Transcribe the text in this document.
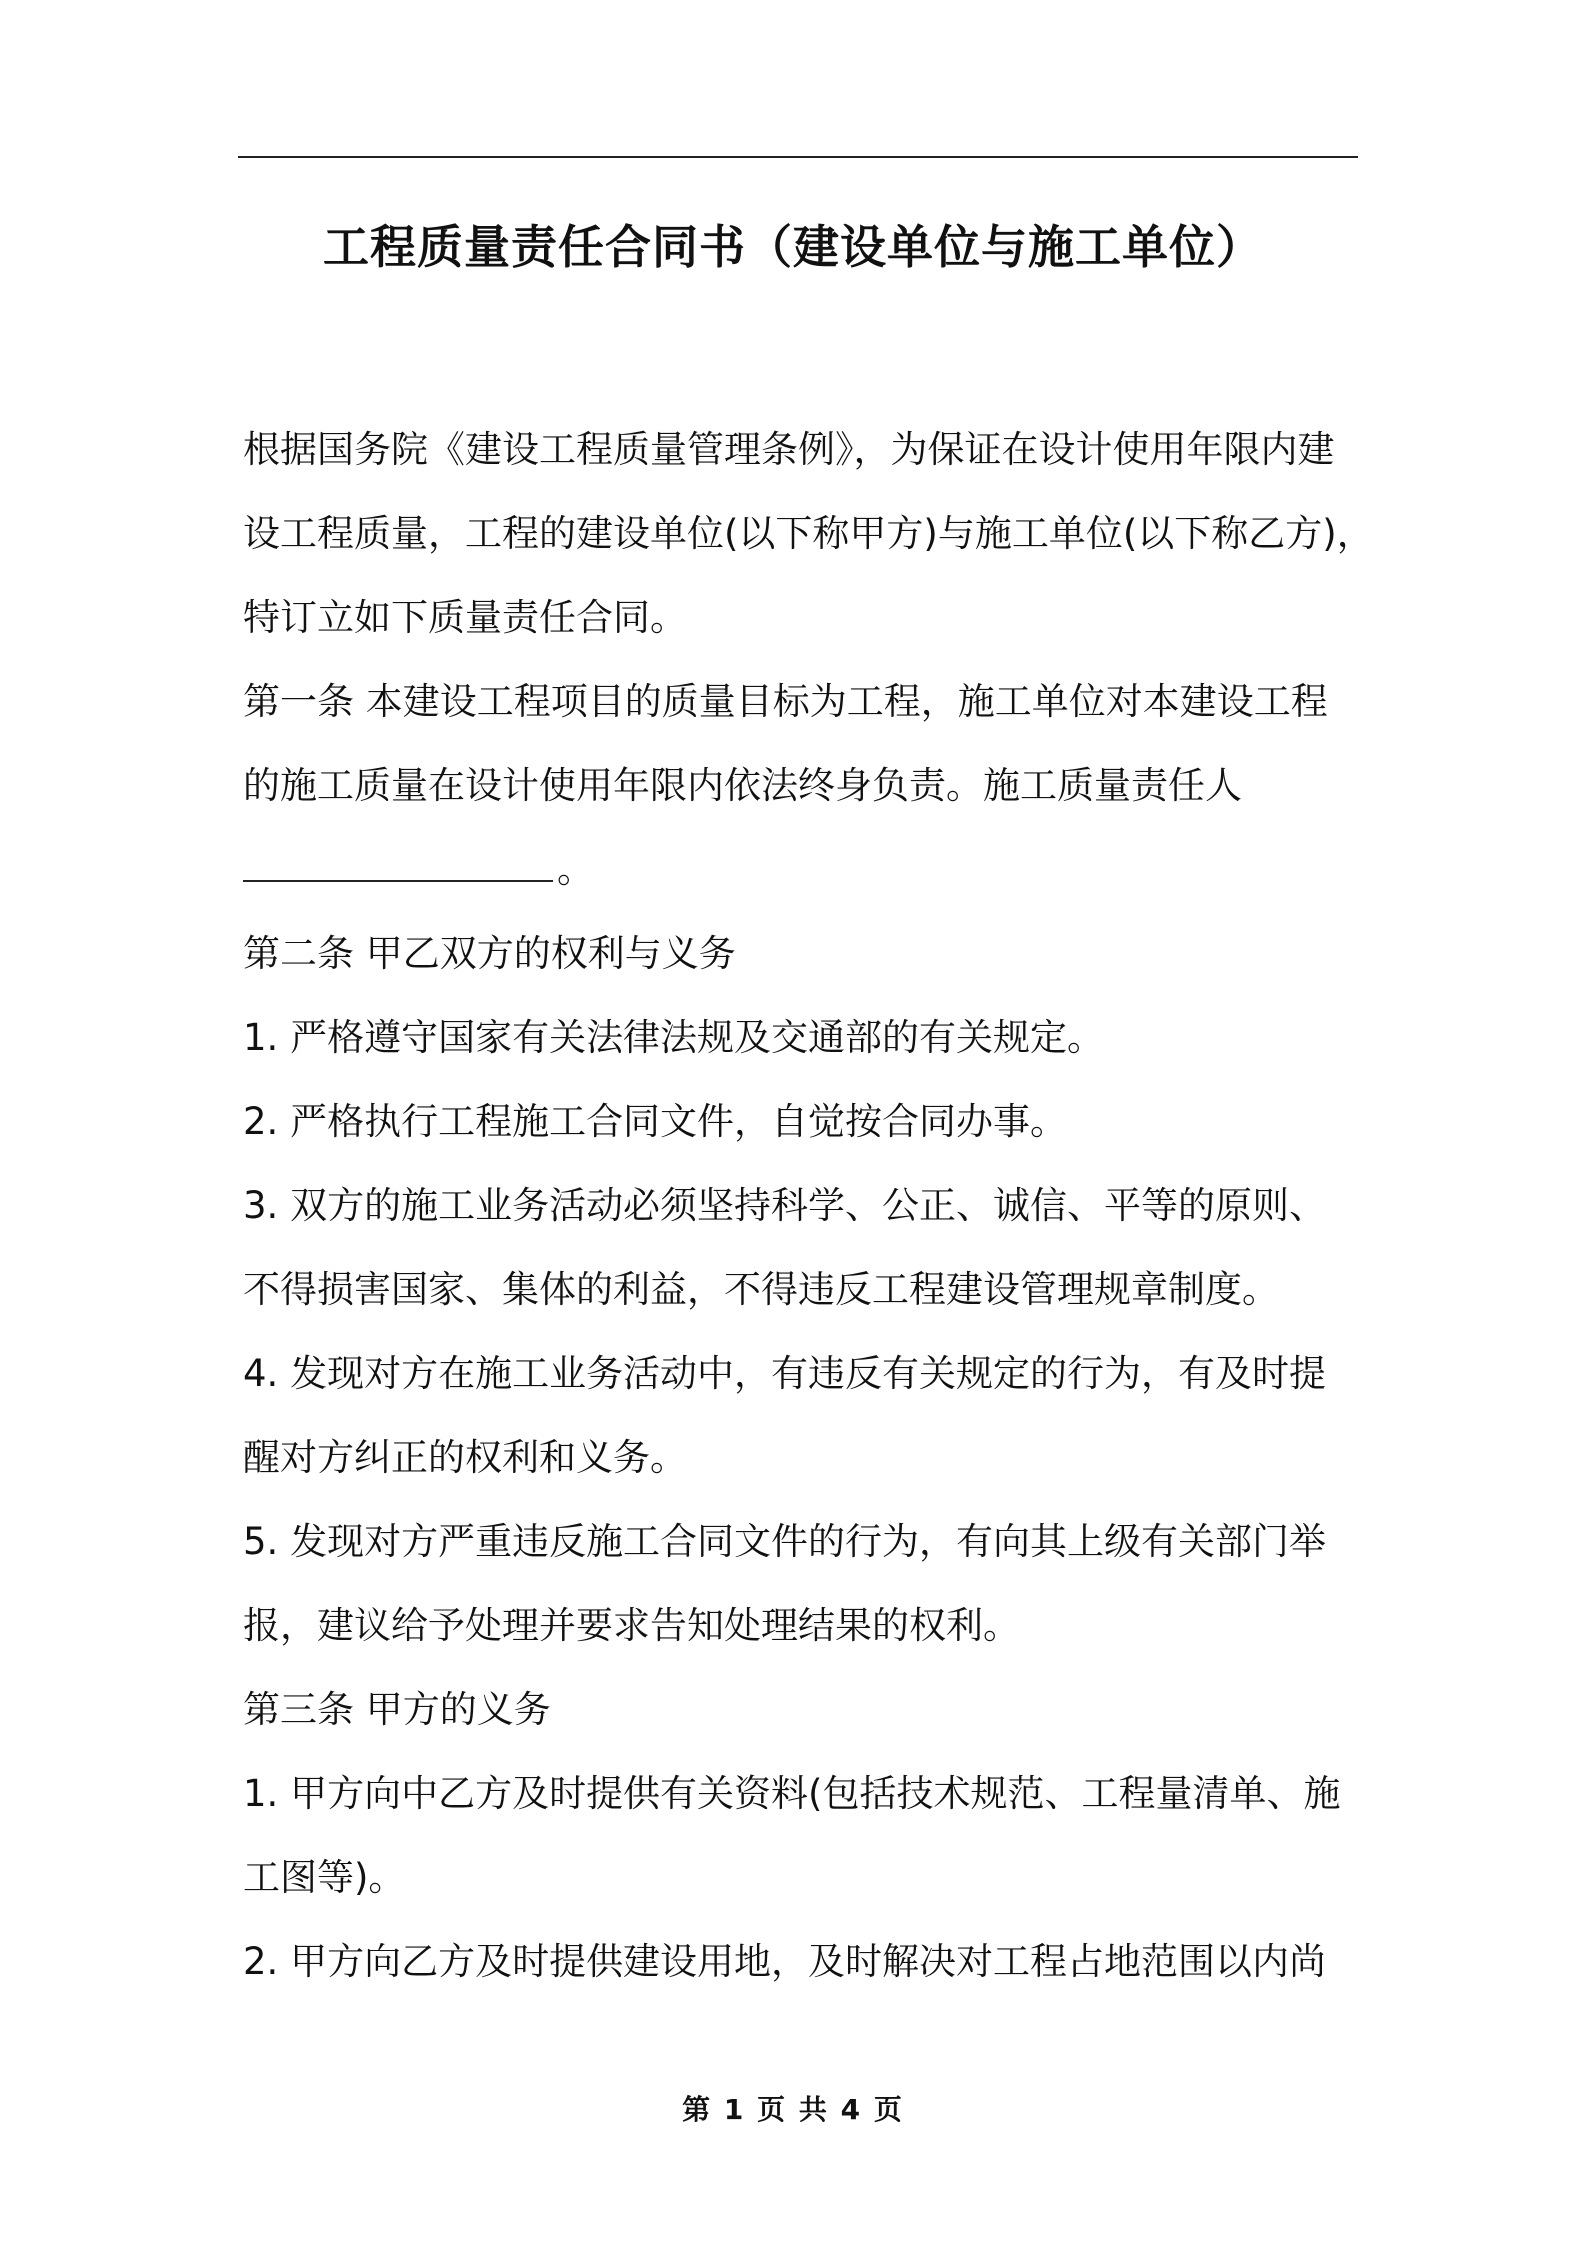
工程质量责任合同书（建设单位与施工单位）
根据国务院《建设工程质量管理条例》，为保证在设计使用年限内建
设工程质量，工程的建设单位(以下称甲方)与施工单位(以下称乙方)，
特订立如下质量责任合同。
第一条 本建设工程项目的质量目标为工程，施工单位对本建设工程
的施工质量在设计使用年限内依法终身负责。施工质量责任人
。
第二条 甲乙双方的权利与义务
1. 严格遵守国家有关法律法规及交通部的有关规定。
2. 严格执行工程施工合同文件，自觉按合同办事。
3. 双方的施工业务活动必须坚持科学、公正、诚信、平等的原则、
不得损害国家、集体的利益，不得违反工程建设管理规章制度。
4. 发现对方在施工业务活动中，有违反有关规定的行为，有及时提
醒对方纠正的权利和义务。
5. 发现对方严重违反施工合同文件的行为，有向其上级有关部门举
报，建议给予处理并要求告知处理结果的权利。
第三条 甲方的义务
1. 甲方向中乙方及时提供有关资料(包括技术规范、工程量清单、施
工图等)。
2. 甲方向乙方及时提供建设用地，及时解决对工程占地范围以内尚
第 1 页 共 4 页
